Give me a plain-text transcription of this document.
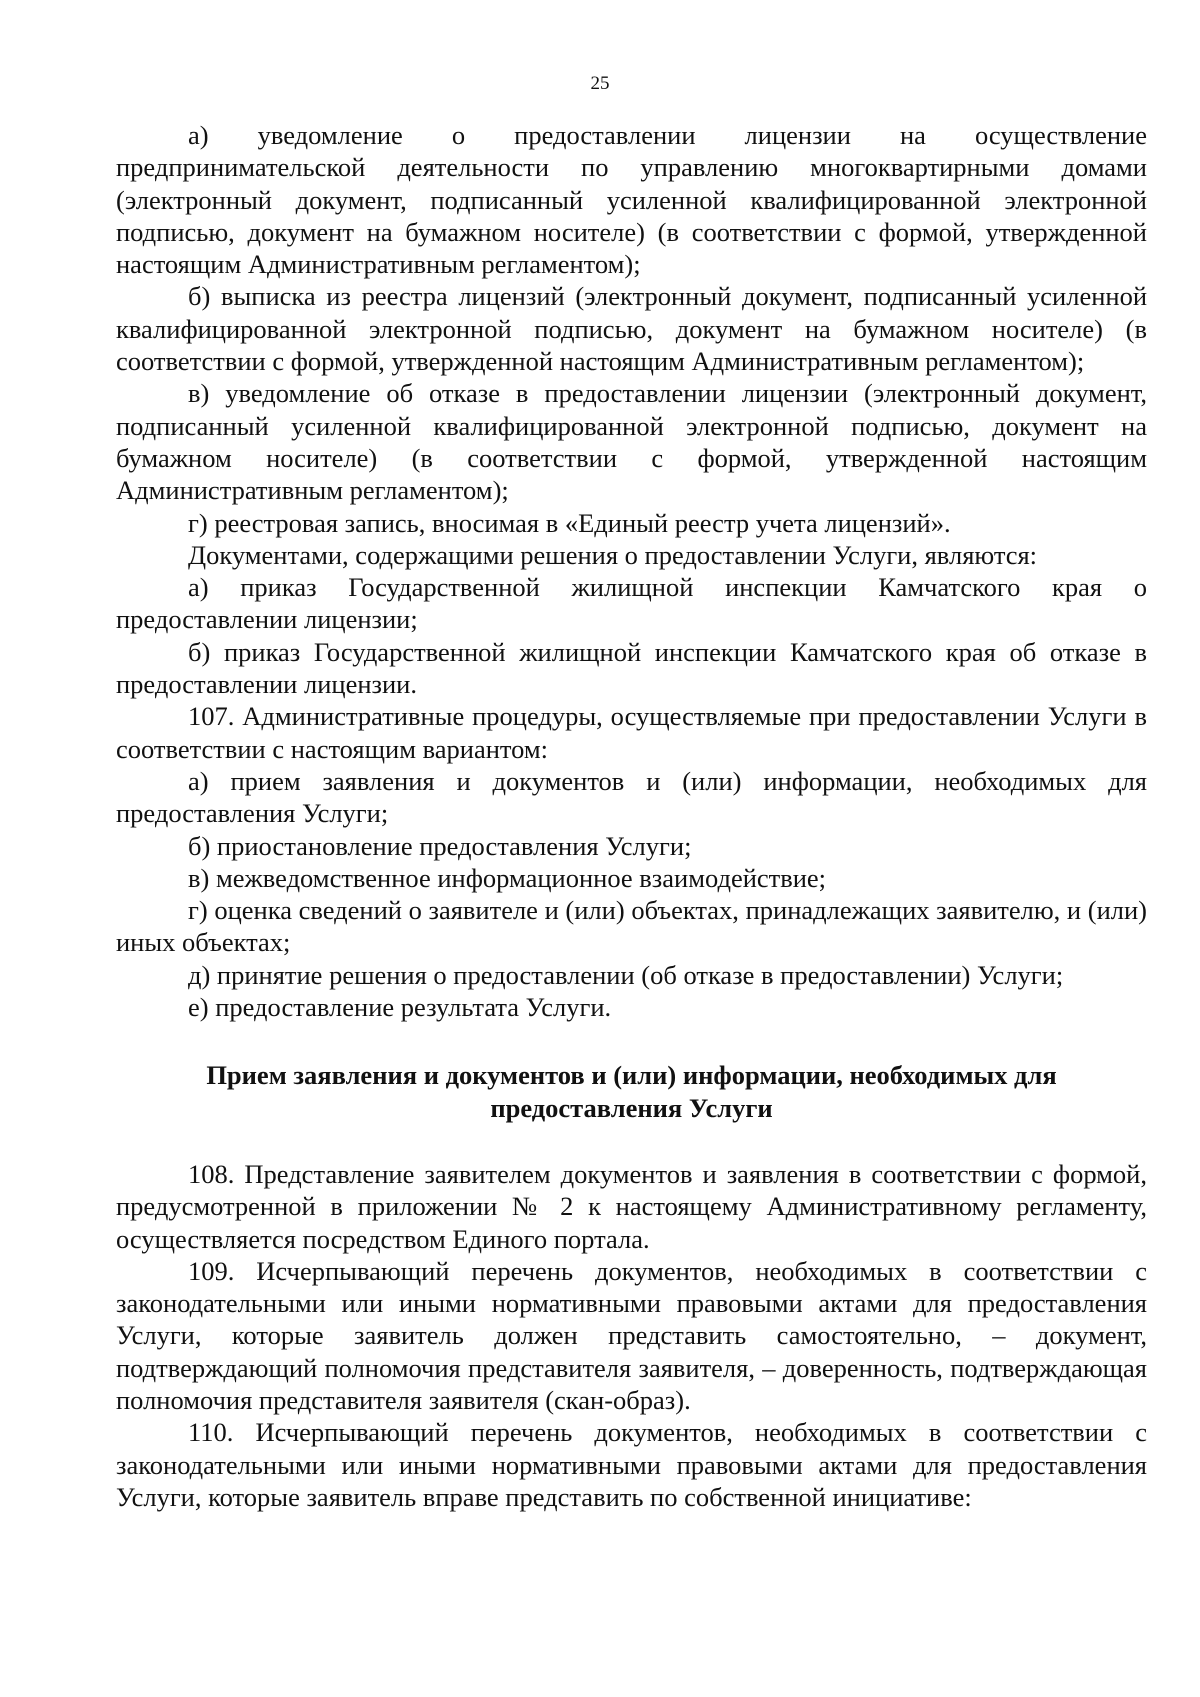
25

а) уведомление о предоставлении лицензии на осуществление предпринимательской деятельности по управлению многоквартирными домами (электронный документ, подписанный усиленной квалифицированной электронной подписью, документ на бумажном носителе) (в соответствии с формой, утвержденной настоящим Административным регламентом);

б) выписка из реестра лицензий (электронный документ, подписанный усиленной квалифицированной электронной подписью, документ на бумажном носителе) (в соответствии с формой, утвержденной настоящим Административным регламентом);

в) уведомление об отказе в предоставлении лицензии (электронный документ, подписанный усиленной квалифицированной электронной подписью, документ на бумажном носителе) (в соответствии с формой, утвержденной настоящим Административным регламентом);

г) реестровая запись, вносимая в «Единый реестр учета лицензий».

Документами, содержащими решения о предоставлении Услуги, являются:

а) приказ Государственной жилищной инспекции Камчатского края о предоставлении лицензии;

б) приказ Государственной жилищной инспекции Камчатского края об отказе в предоставлении лицензии.

107. Административные процедуры, осуществляемые при предоставлении Услуги в соответствии с настоящим вариантом:

а) прием заявления и документов и (или) информации, необходимых для предоставления Услуги;

б) приостановление предоставления Услуги;

в) межведомственное информационное взаимодействие;

г) оценка сведений о заявителе и (или) объектах, принадлежащих заявителю, и (или) иных объектах;

д) принятие решения о предоставлении (об отказе в предоставлении) Услуги;

е) предоставление результата Услуги.

Прием заявления и документов и (или) информации, необходимых для предоставления Услуги

108. Представление заявителем документов и заявления в соответствии с формой, предусмотренной в приложении № 2 к настоящему Административному регламенту, осуществляется посредством Единого портала.

109. Исчерпывающий перечень документов, необходимых в соответствии с законодательными или иными нормативными правовыми актами для предоставления Услуги, которые заявитель должен представить самостоятельно, – документ, подтверждающий полномочия представителя заявителя, – доверенность, подтверждающая полномочия представителя заявителя (скан-образ).

110. Исчерпывающий перечень документов, необходимых в соответствии с законодательными или иными нормативными правовыми актами для предоставления Услуги, которые заявитель вправе представить по собственной инициативе:
